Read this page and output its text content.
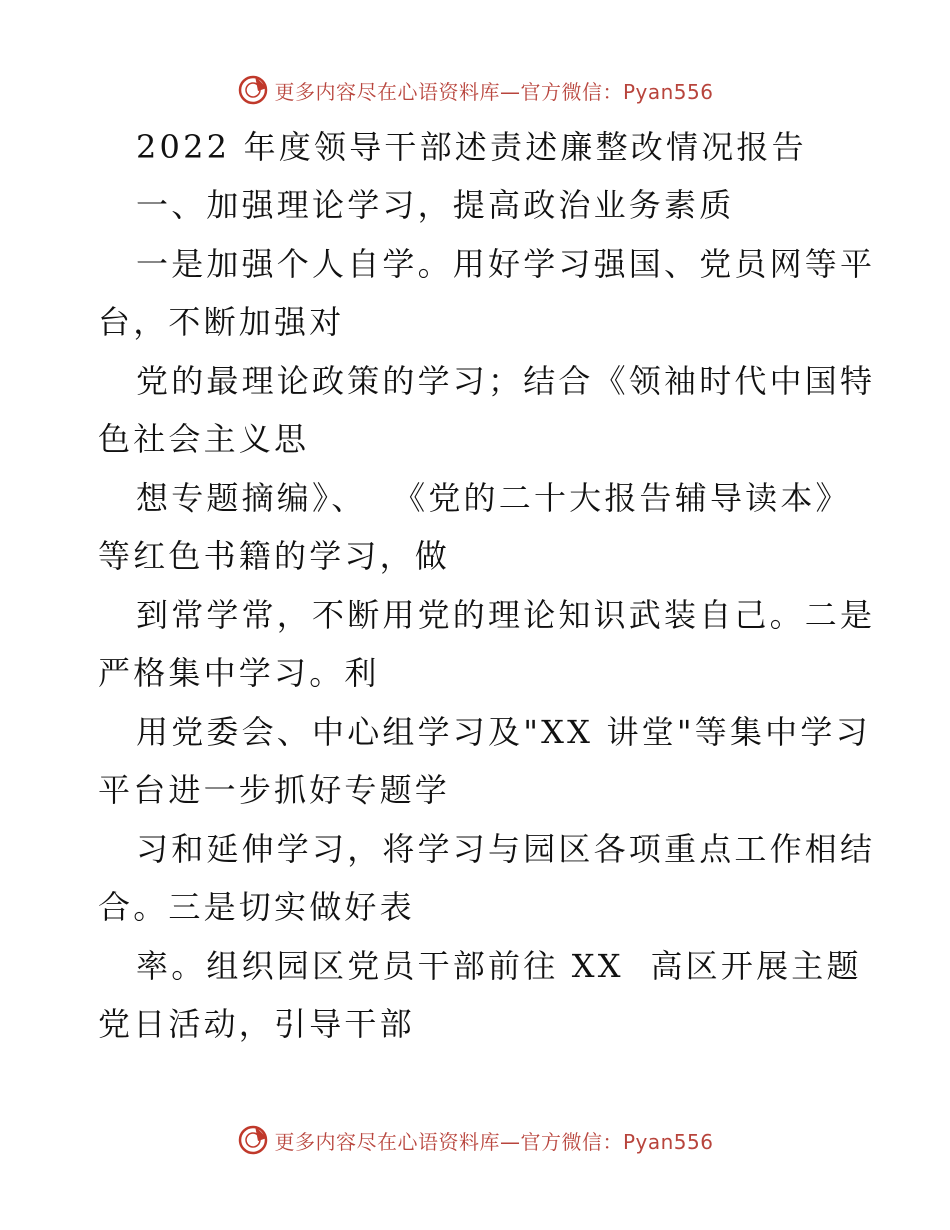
更多内容尽在心语资料库—官方微信：Pyan556
2022 年度领导干部述责述廉整改情况报告
一、加强理论学习，提高政治业务素质
一是加强个人自学。用好学习强国、党员网等平
台，不断加强对
党的最理论政策的学习；结合《领袖时代中国特
色社会主义思
想专题摘编》、  《党的二十大报告辅导读本》
等红色书籍的学习，做
到常学常，不断用党的理论知识武装自己。二是
严格集中学习。利
用党委会、中心组学习及"XX 讲堂"等集中学习
平台进一步抓好专题学
习和延伸学习，将学习与园区各项重点工作相结
合。三是切实做好表
率。组织园区党员干部前往 XX  高区开展主题
党日活动，引导干部
更多内容尽在心语资料库—官方微信：Pyan556
